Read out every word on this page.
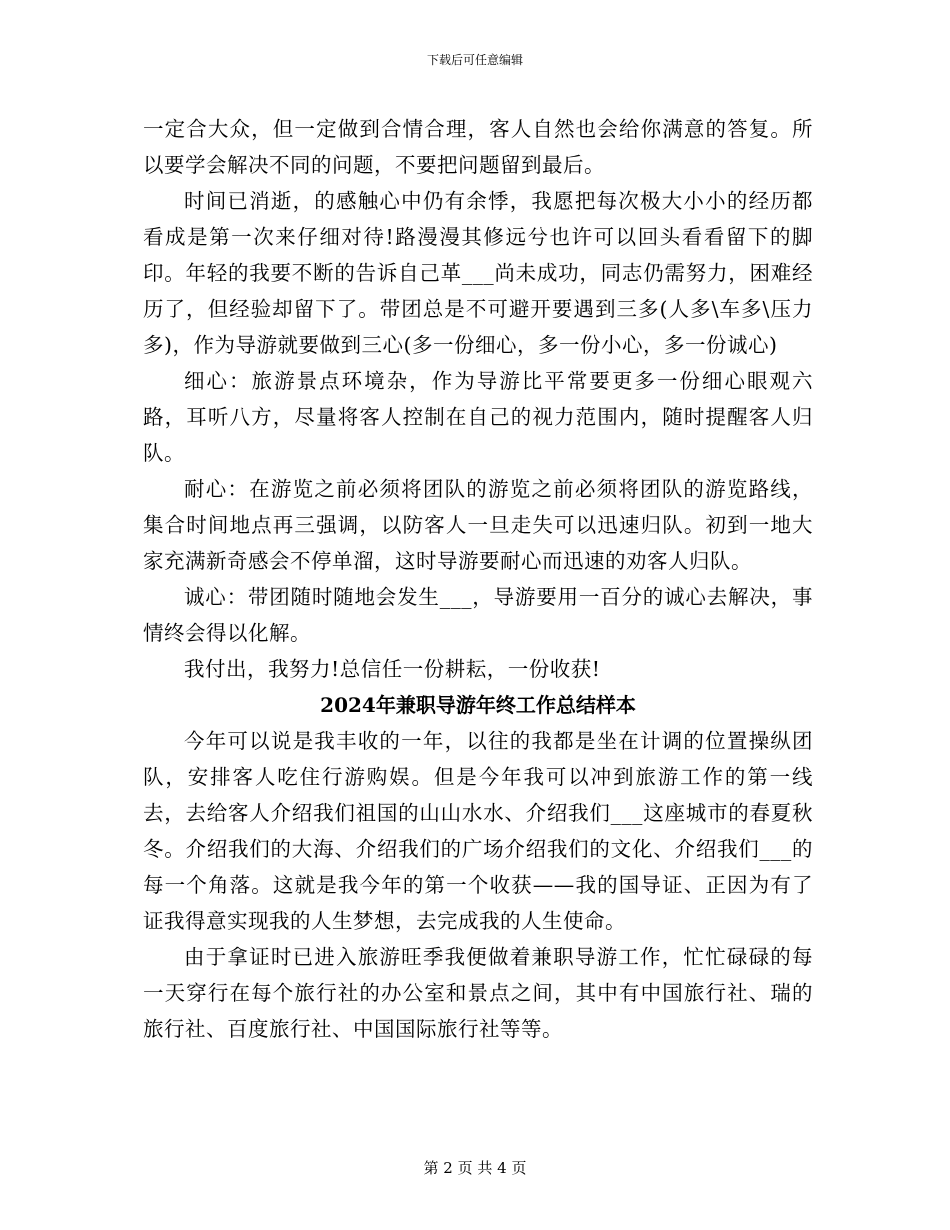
下载后可任意编辑

一定合大众，但一定做到合情合理，客人自然也会给你满意的答复。所以要学会解决不同的问题，不要把问题留到最后。

时间已消逝，的感触心中仍有余悸，我愿把每次极大小小的经历都看成是第一次来仔细对待!路漫漫其修远兮也许可以回头看看留下的脚印。年轻的我要不断的告诉自己革___尚未成功，同志仍需努力，困难经历了，但经验却留下了。带团总是不可避开要遇到三多(人多\车多\压力多)，作为导游就要做到三心(多一份细心，多一份小心，多一份诚心)

细心：旅游景点环境杂，作为导游比平常要更多一份细心眼观六路，耳听八方，尽量将客人控制在自己的视力范围内，随时提醒客人归队。

耐心：在游览之前必须将团队的游览之前必须将团队的游览路线，集合时间地点再三强调，以防客人一旦走失可以迅速归队。初到一地大家充满新奇感会不停单溜，这时导游要耐心而迅速的劝客人归队。

诚心：带团随时随地会发生___，导游要用一百分的诚心去解决，事情终会得以化解。

我付出，我努力!总信任一份耕耘，一份收获!

2024年兼职导游年终工作总结样本

今年可以说是我丰收的一年，以往的我都是坐在计调的位置操纵团队，安排客人吃住行游购娱。但是今年我可以冲到旅游工作的第一线去，去给客人介绍我们祖国的山山水水、介绍我们___这座城市的春夏秋冬。介绍我们的大海、介绍我们的广场介绍我们的文化、介绍我们___的每一个角落。这就是我今年的第一个收获——我的国导证、正因为有了证我得意实现我的人生梦想，去完成我的人生使命。

由于拿证时已进入旅游旺季我便做着兼职导游工作，忙忙碌碌的每一天穿行在每个旅行社的办公室和景点之间，其中有中国旅行社、瑞的旅行社、百度旅行社、中国国际旅行社等等。

第 2 页 共 4 页
